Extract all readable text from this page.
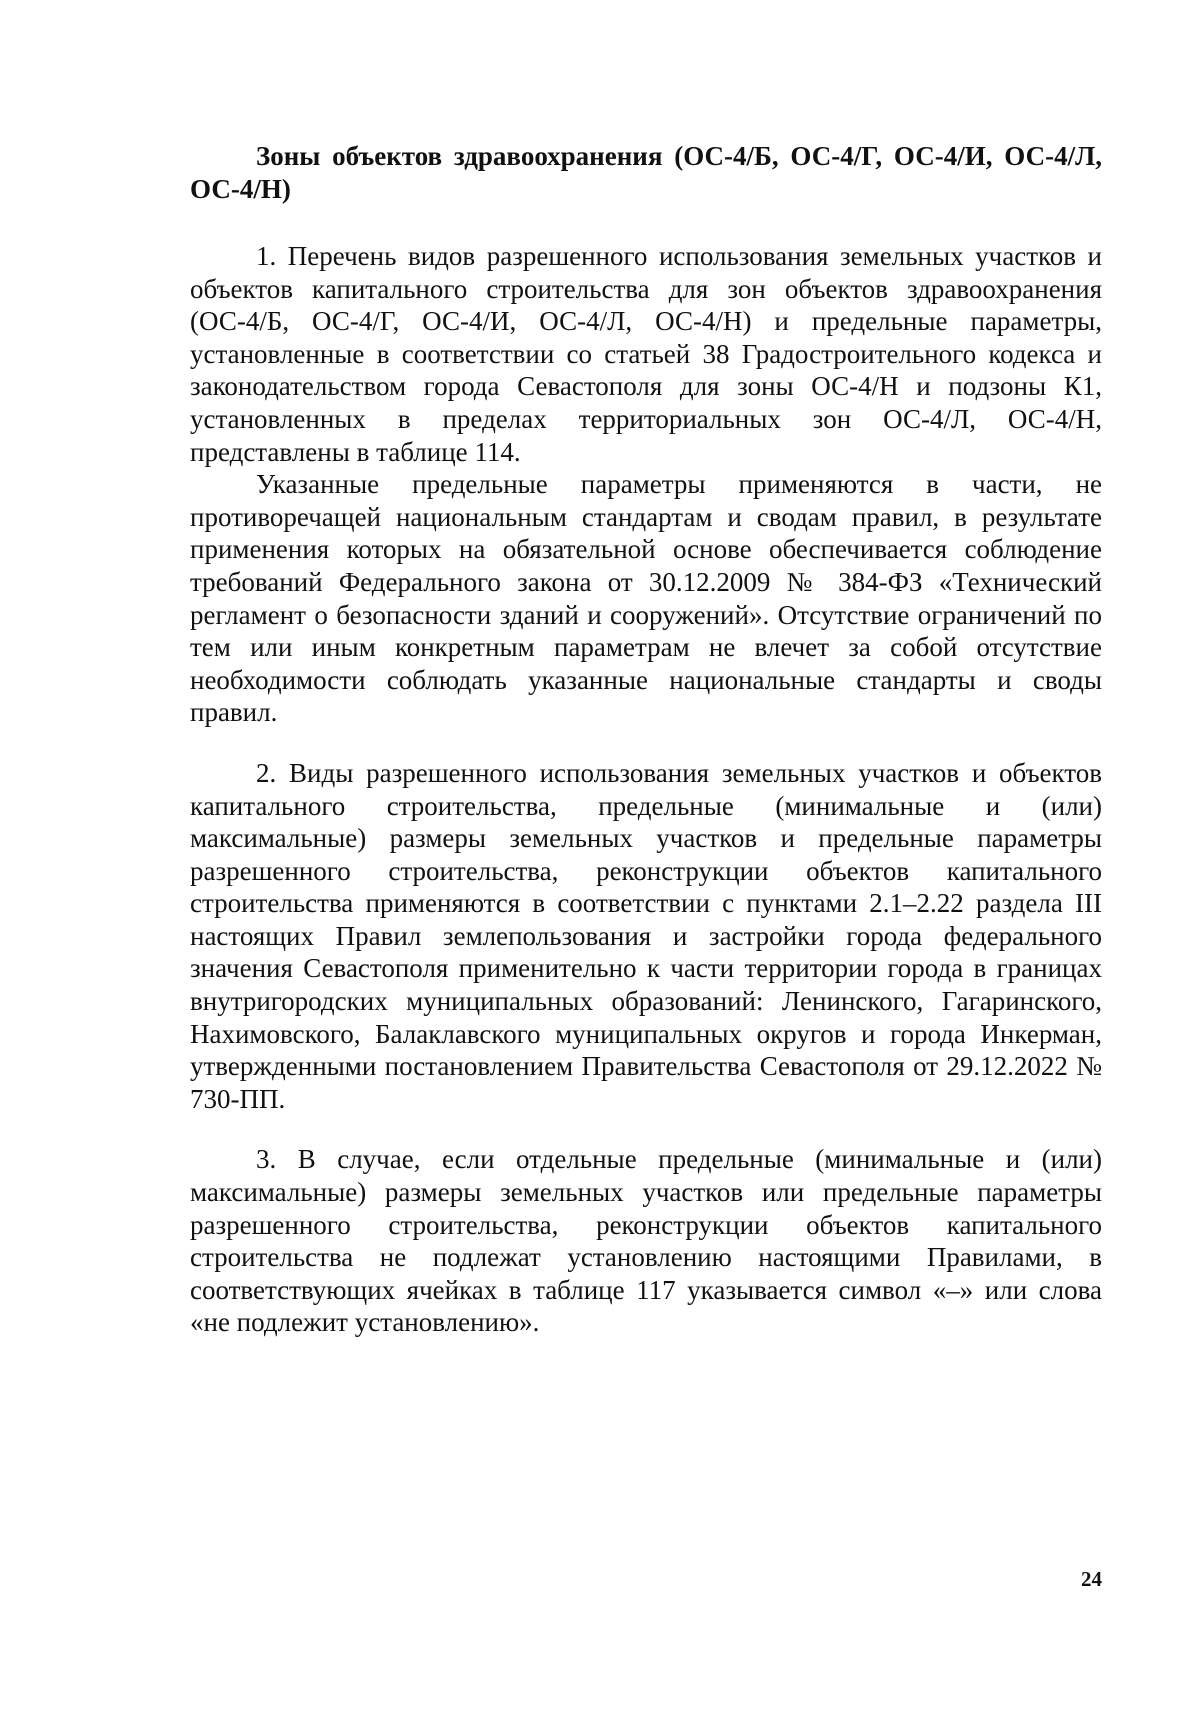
Зоны объектов здравоохранения (ОС-4/Б, ОС-4/Г, ОС-4/И, ОС-4/Л, ОС-4/Н)

1. Перечень видов разрешенного использования земельных участков и объектов капитального строительства для зон объектов здравоохранения (ОС-4/Б, ОС-4/Г, ОС-4/И, ОС-4/Л, ОС-4/Н) и предельные параметры, установленные в соответствии со статьей 38 Градостроительного кодекса и законодательством города Севастополя для зоны ОС-4/Н и подзоны К1, установленных в пределах территориальных зон ОС-4/Л, ОС-4/Н, представлены в таблице 114.

Указанные предельные параметры применяются в части, не противоречащей национальным стандартам и сводам правил, в результате применения которых на обязательной основе обеспечивается соблюдение требований Федерального закона от 30.12.2009 № 384-ФЗ «Технический регламент о безопасности зданий и сооружений». Отсутствие ограничений по тем или иным конкретным параметрам не влечет за собой отсутствие необходимости соблюдать указанные национальные стандарты и своды правил.

2. Виды разрешенного использования земельных участков и объектов капитального строительства, предельные (минимальные и (или) максимальные) размеры земельных участков и предельные параметры разрешенного строительства, реконструкции объектов капитального строительства применяются в соответствии с пунктами 2.1–2.22 раздела III настоящих Правил землепользования и застройки города федерального значения Севастополя применительно к части территории города в границах внутригородских муниципальных образований: Ленинского, Гагаринского, Нахимовского, Балаклавского муниципальных округов и города Инкерман, утвержденными постановлением Правительства Севастополя от 29.12.2022 № 730-ПП.

3. В случае, если отдельные предельные (минимальные и (или) максимальные) размеры земельных участков или предельные параметры разрешенного строительства, реконструкции объектов капитального строительства не подлежат установлению настоящими Правилами, в соответствующих ячейках в таблице 117 указывается символ «–» или слова «не подлежит установлению».

24
